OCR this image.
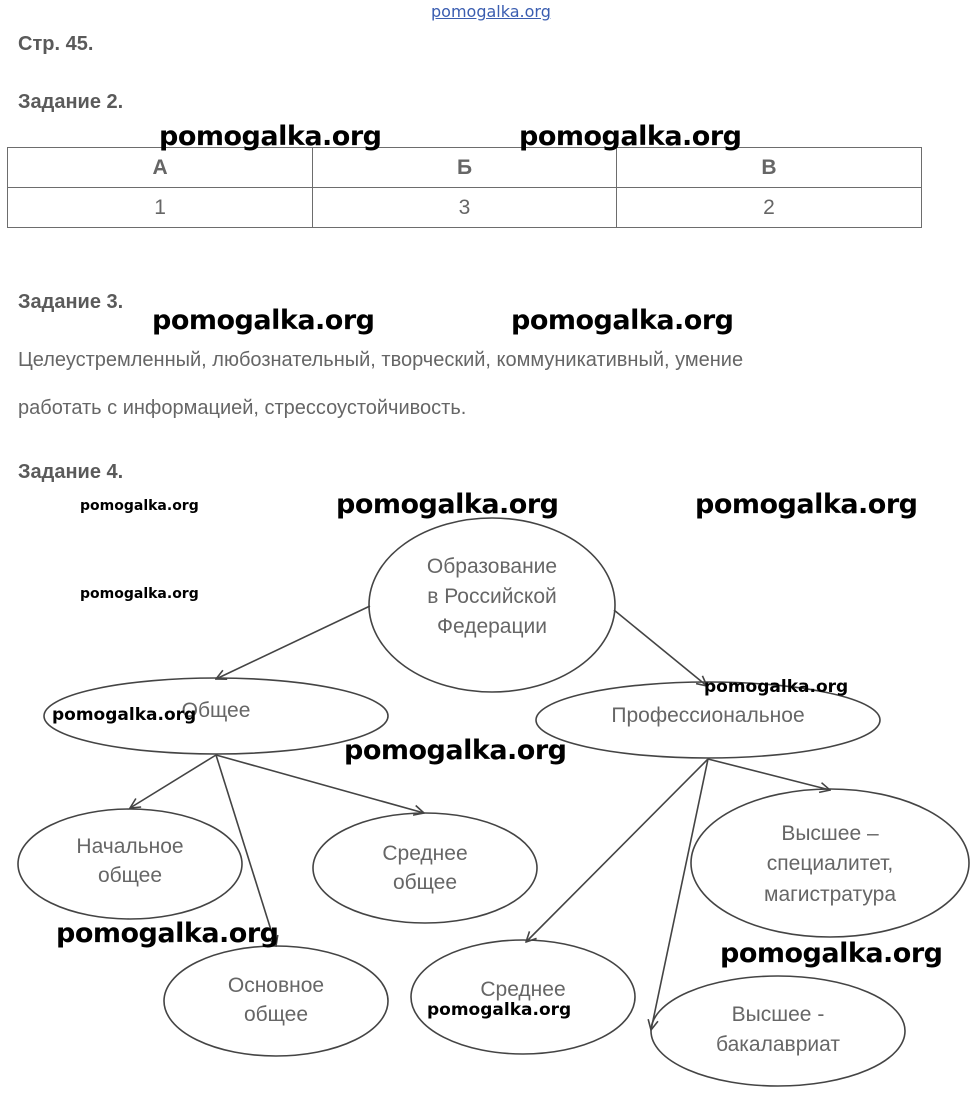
pomogalka.org
Стр. 45.
Задание 2.
А	Б	В
1	3	2
Задание 3.
Целеустремленный, любознательный, творческий, коммуникативный, умение
работать с информацией, стрессоустойчивость.
Задание 4.
Образование
в Российской
Федерации
Общее	Профессиональное
Начальное
общее
Среднее
общее
Основное
общее
Среднее
Высшее –
специалитет,
магистратура
Высшее -
бакалавриат
pomogalka.org	pomogalka.org
pomogalka.org	pomogalka.org
pomogalka.org	pomogalka.org	pomogalka.org
pomogalka.org
pomogalka.org
pomogalka.org
pomogalka.org
pomogalka.org
pomogalka.org
pomogalka.org
